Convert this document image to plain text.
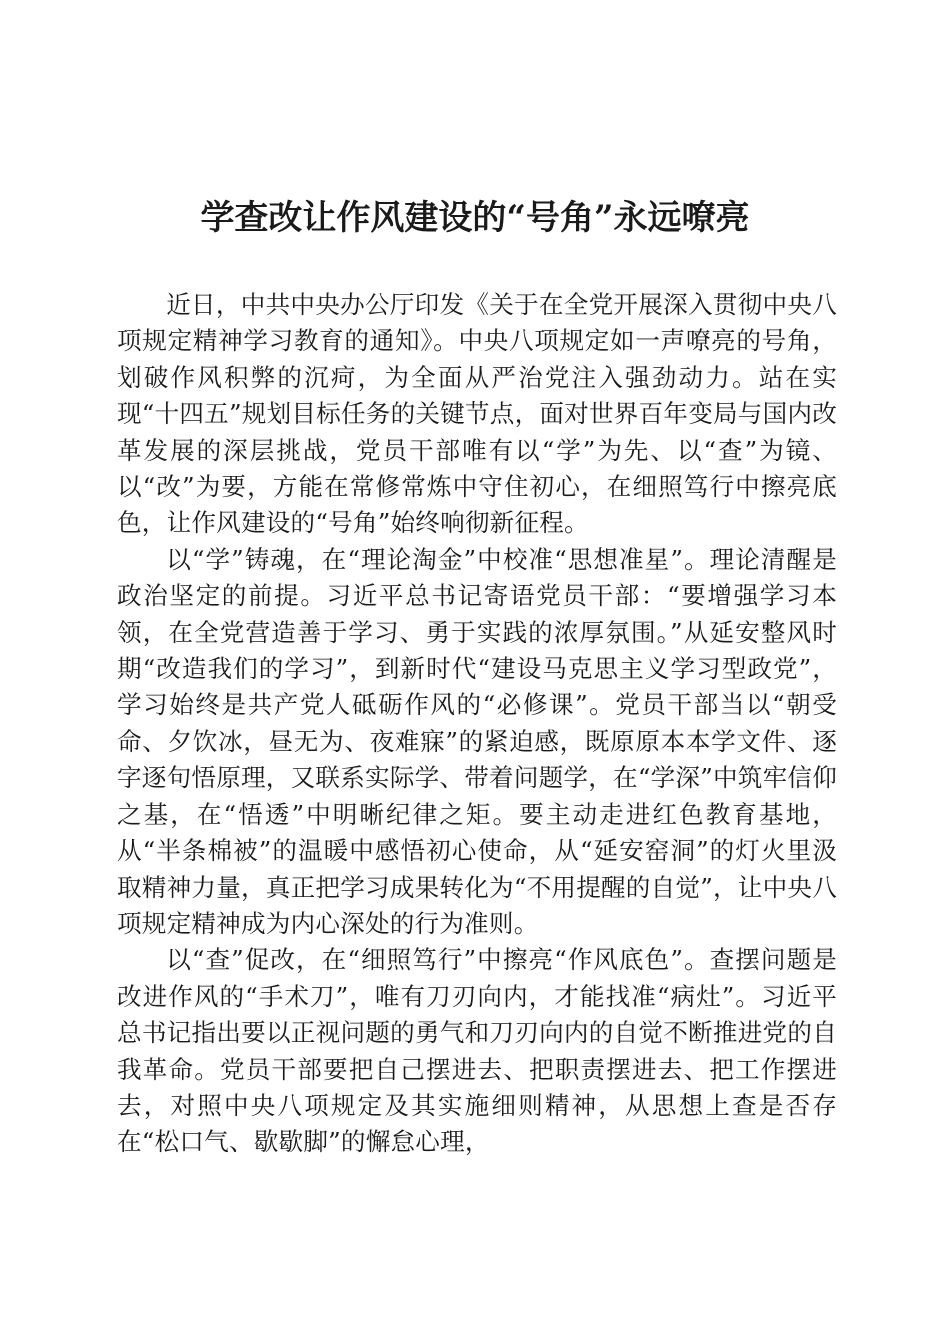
学查改让作风建设的“号角”永远嘹亮

近日，中共中央办公厅印发《关于在全党开展深入贯彻中央八项规定精神学习教育的通知》。中央八项规定如一声嘹亮的号角，划破作风积弊的沉疴，为全面从严治党注入强劲动力。站在实现“十四五”规划目标任务的关键节点，面对世界百年变局与国内改革发展的深层挑战，党员干部唯有以“学”为先、以“查”为镜、以“改”为要，方能在常修常炼中守住初心，在细照笃行中擦亮底色，让作风建设的“号角”始终响彻新征程。

以“学”铸魂，在“理论淘金”中校准“思想准星”。理论清醒是政治坚定的前提。习近平总书记寄语党员干部：“要增强学习本领，在全党营造善于学习、勇于实践的浓厚氛围。”从延安整风时期“改造我们的学习”，到新时代“建设马克思主义学习型政党”，学习始终是共产党人砥砺作风的“必修课”。党员干部当以“朝受命、夕饮冰，昼无为、夜难寐”的紧迫感，既原原本本学文件、逐字逐句悟原理，又联系实际学、带着问题学，在“学深”中筑牢信仰之基，在“悟透”中明晰纪律之矩。要主动走进红色教育基地，从“半条棉被”的温暖中感悟初心使命，从“延安窑洞”的灯火里汲取精神力量，真正把学习成果转化为“不用提醒的自觉”，让中央八项规定精神成为内心深处的行为准则。

以“查”促改，在“细照笃行”中擦亮“作风底色”。查摆问题是改进作风的“手术刀”，唯有刀刃向内，才能找准“病灶”。习近平总书记指出要以正视问题的勇气和刀刃向内的自觉不断推进党的自我革命。党员干部要把自己摆进去、把职责摆进去、把工作摆进去，对照中央八项规定及其实施细则精神，从思想上查是否存在“松口气、歇歇脚”的懈怠心理，
